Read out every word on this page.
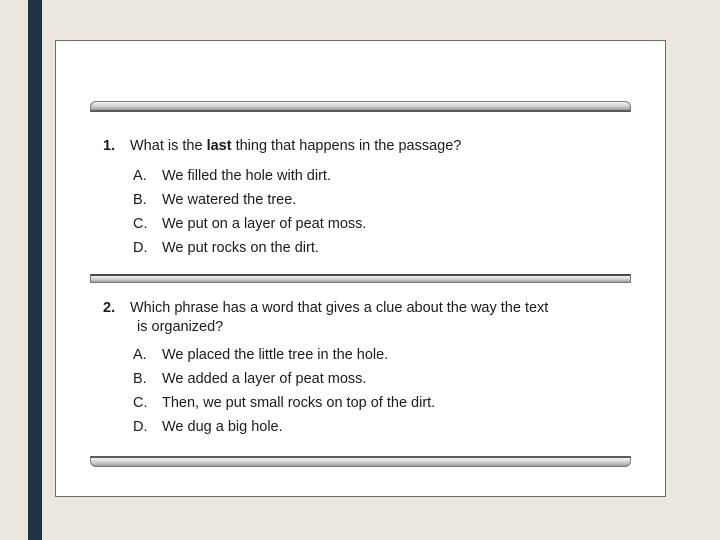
1. What is the last thing that happens in the passage?
A. We filled the hole with dirt.
B. We watered the tree.
C. We put on a layer of peat moss.
D. We put rocks on the dirt.
2. Which phrase has a word that gives a clue about the way the text
is organized?
A. We placed the little tree in the hole.
B. We added a layer of peat moss.
C. Then, we put small rocks on top of the dirt.
D. We dug a big hole.
